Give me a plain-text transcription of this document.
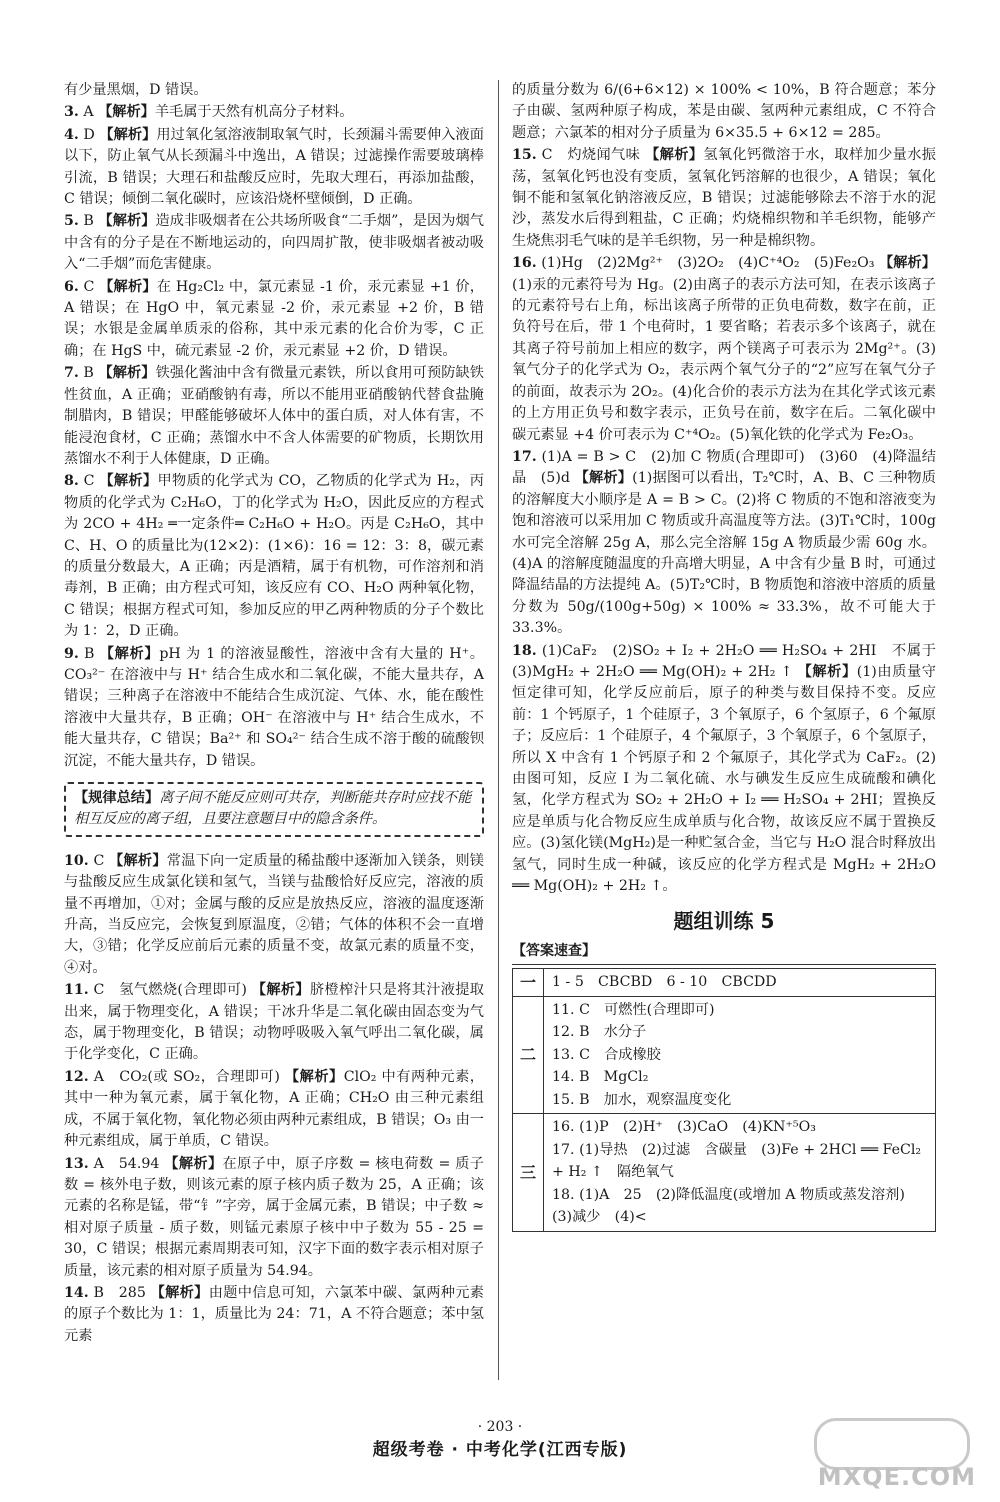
有少量黑烟，D 错误。
3. A 【解析】羊毛属于天然有机高分子材料。
4. D 【解析】用过氧化氢溶液制取氧气时，长颈漏斗需要伸入液面以下，防止氧气从长颈漏斗中逸出，A 错误；过滤操作需要玻璃棒引流，B 错误；大理石和盐酸反应时，先取大理石，再添加盐酸，C 错误；倾倒二氧化碳时，应该沿烧杯壁倾倒，D 正确。
5. B 【解析】造成非吸烟者在公共场所吸食“二手烟”，是因为烟气中含有的分子是在不断地运动的，向四周扩散，使非吸烟者被动吸入“二手烟”而危害健康。
6. C 【解析】在 Hg₂Cl₂ 中，氯元素显 -1 价，汞元素显 +1 价，A 错误；在 HgO 中，氧元素显 -2 价，汞元素显 +2 价，B 错误；水银是金属单质汞的俗称，其中汞元素的化合价为零，C 正确；在 HgS 中，硫元素显 -2 价，汞元素显 +2 价，D 错误。
7. B 【解析】铁强化酱油中含有微量元素铁，所以食用可预防缺铁性贫血，A 正确；亚硝酸钠有毒，所以不能用亚硝酸钠代替食盐腌制腊肉，B 错误；甲醛能够破坏人体中的蛋白质，对人体有害，不能浸泡食材，C 正确；蒸馏水中不含人体需要的矿物质，长期饮用蒸馏水不利于人体健康，D 正确。
8. C 【解析】甲物质的化学式为 CO，乙物质的化学式为 H₂，丙物质的化学式为 C₂H₆O，丁的化学式为 H₂O，因此反应的方程式为 2CO + 4H₂ ═一定条件═ C₂H₆O + H₂O。丙是 C₂H₆O，其中 C、H、O 的质量比为(12×2)：(1×6)：16 = 12：3：8，碳元素的质量分数最大，A 正确；丙是酒精，属于有机物，可作溶剂和消毒剂，B 正确；由方程式可知，该反应有 CO、H₂O 两种氧化物，C 错误；根据方程式可知，参加反应的甲乙两种物质的分子个数比为 1：2，D 正确。
9. B 【解析】pH 为 1 的溶液显酸性，溶液中含有大量的 H⁺。CO₃²⁻ 在溶液中与 H⁺ 结合生成水和二氧化碳，不能大量共存，A 错误；三种离子在溶液中不能结合生成沉淀、气体、水，能在酸性溶液中大量共存，B 正确；OH⁻ 在溶液中与 H⁺ 结合生成水，不能大量共存，C 错误；Ba²⁺ 和 SO₄²⁻ 结合生成不溶于酸的硫酸钡沉淀，不能大量共存，D 错误。
【规律总结】离子间不能反应则可共存，判断能共存时应找不能相互反应的离子组，且要注意题目中的隐含条件。
10. C 【解析】常温下向一定质量的稀盐酸中逐渐加入镁条，则镁与盐酸反应生成氯化镁和氢气，当镁与盐酸恰好反应完，溶液的质量不再增加，①对；金属与酸的反应是放热反应，溶液的温度逐渐升高，当反应完，会恢复到原温度，②错；气体的体积不会一直增大，③错；化学反应前后元素的质量不变，故氯元素的质量不变，④对。
11. C　氢气燃烧(合理即可) 【解析】脐橙榨汁只是将其汁液提取出来，属于物理变化，A 错误；干冰升华是二氧化碳由固态变为气态，属于物理变化，B 错误；动物呼吸吸入氧气呼出二氧化碳，属于化学变化，C 正确。
12. A　CO₂(或 SO₂，合理即可) 【解析】ClO₂ 中有两种元素，其中一种为氧元素，属于氧化物，A 正确；CH₂O 由三种元素组成，不属于氧化物，氧化物必须由两种元素组成，B 错误；O₃ 由一种元素组成，属于单质，C 错误。
13. A　54.94 【解析】在原子中，原子序数 = 核电荷数 = 质子数 = 核外电子数，则该元素的原子核内质子数为 25，A 正确；该元素的名称是锰，带“钅”字旁，属于金属元素，B 错误；中子数 ≈ 相对原子质量 - 质子数，则锰元素原子核中中子数为 55 - 25 = 30，C 错误；根据元素周期表可知，汉字下面的数字表示相对原子质量，该元素的相对原子质量为 54.94。
14. B　285 【解析】由题中信息可知，六氯苯中碳、氯两种元素的原子个数比为 1：1，质量比为 24：71，A 不符合题意；苯中氢元素
的质量分数为 6/(6+6×12) × 100% < 10%，B 符合题意；苯分子由碳、氢两种原子构成，苯是由碳、氢两种元素组成，C 不符合题意；六氯苯的相对分子质量为 6×35.5 + 6×12 = 285。
15. C　灼烧闻气味 【解析】氢氧化钙微溶于水，取样加少量水振荡，氢氧化钙也没有变质，氢氧化钙溶解的也很少，A 错误；氧化铜不能和氢氧化钠溶液反应，B 错误；过滤能够除去不溶于水的泥沙，蒸发水后得到粗盐，C 正确；灼烧棉织物和羊毛织物，能够产生烧焦羽毛气味的是羊毛织物，另一种是棉织物。
16. (1)Hg　(2)2Mg²⁺　(3)2O₂　(4)C⁺⁴O₂　(5)Fe₂O₃ 【解析】(1)汞的元素符号为 Hg。(2)由离子的表示方法可知，在表示该离子的元素符号右上角，标出该离子所带的正负电荷数，数字在前，正负符号在后，带 1 个电荷时，1 要省略；若表示多个该离子，就在其离子符号前加上相应的数字，两个镁离子可表示为 2Mg²⁺。(3)氧气分子的化学式为 O₂，表示两个氧气分子的“2”应写在氧气分子的前面，故表示为 2O₂。(4)化合价的表示方法为在其化学式该元素的上方用正负号和数字表示，正负号在前，数字在后。二氧化碳中碳元素显 +4 价可表示为 C⁺⁴O₂。(5)氧化铁的化学式为 Fe₂O₃。
17. (1)A = B > C　(2)加 C 物质(合理即可)　(3)60　(4)降温结晶　(5)d 【解析】(1)据图可以看出，T₂℃时，A、B、C 三种物质的溶解度大小顺序是 A = B > C。(2)将 C 物质的不饱和溶液变为饱和溶液可以采用加 C 物质或升高温度等方法。(3)T₁℃时，100g 水可完全溶解 25g A，那么完全溶解 15g A 物质最少需 60g 水。(4)A 的溶解度随温度的升高增大明显，A 中含有少量 B 时，可通过降温结晶的方法提纯 A。(5)T₂℃时，B 物质饱和溶液中溶质的质量分数为 50g/(100g+50g) × 100% ≈ 33.3%，故不可能大于 33.3%。
18. (1)CaF₂　(2)SO₂ + I₂ + 2H₂O ══ H₂SO₄ + 2HI　不属于　(3)MgH₂ + 2H₂O ══ Mg(OH)₂ + 2H₂ ↑ 【解析】(1)由质量守恒定律可知，化学反应前后，原子的种类与数目保持不变。反应前：1 个钙原子，1 个硅原子，3 个氧原子，6 个氢原子，6 个氟原子；反应后：1 个硅原子，4 个氟原子，3 个氧原子，6 个氢原子，所以 X 中含有 1 个钙原子和 2 个氟原子，其化学式为 CaF₂。(2)由图可知，反应 I 为二氧化硫、水与碘发生反应生成硫酸和碘化氢，化学方程式为 SO₂ + 2H₂O + I₂ ══ H₂SO₄ + 2HI；置换反应是单质与化合物反应生成单质与化合物，故该反应不属于置换反应。(3)氢化镁(MgH₂)是一种贮氢合金，当它与 H₂O 混合时释放出氢气，同时生成一种碱，该反应的化学方程式是 MgH₂ + 2H₂O ══ Mg(OH)₂ + 2H₂ ↑。
题组训练 5
【答案速查】
一	1 - 5　CBCBD　6 - 10　CBCDD

二	11. C　可燃性(合理即可)
12. B　水分子
13. C　合成橡胶
14. B　MgCl₂
15. B　加水，观察温度变化

三	16. (1)P　(2)H⁺　(3)CaO　(4)KN⁺⁵O₃
17. (1)导热　(2)过滤　含碳量　(3)Fe + 2HCl ══ FeCl₂ + H₂ ↑　隔绝氧气
18. (1)A　25　(2)降低温度(或增加 A 物质或蒸发溶剂)
(3)减少　(4)<
· 203 ·
超级考卷 · 中考化学(江西专版)
MXQE.COM
